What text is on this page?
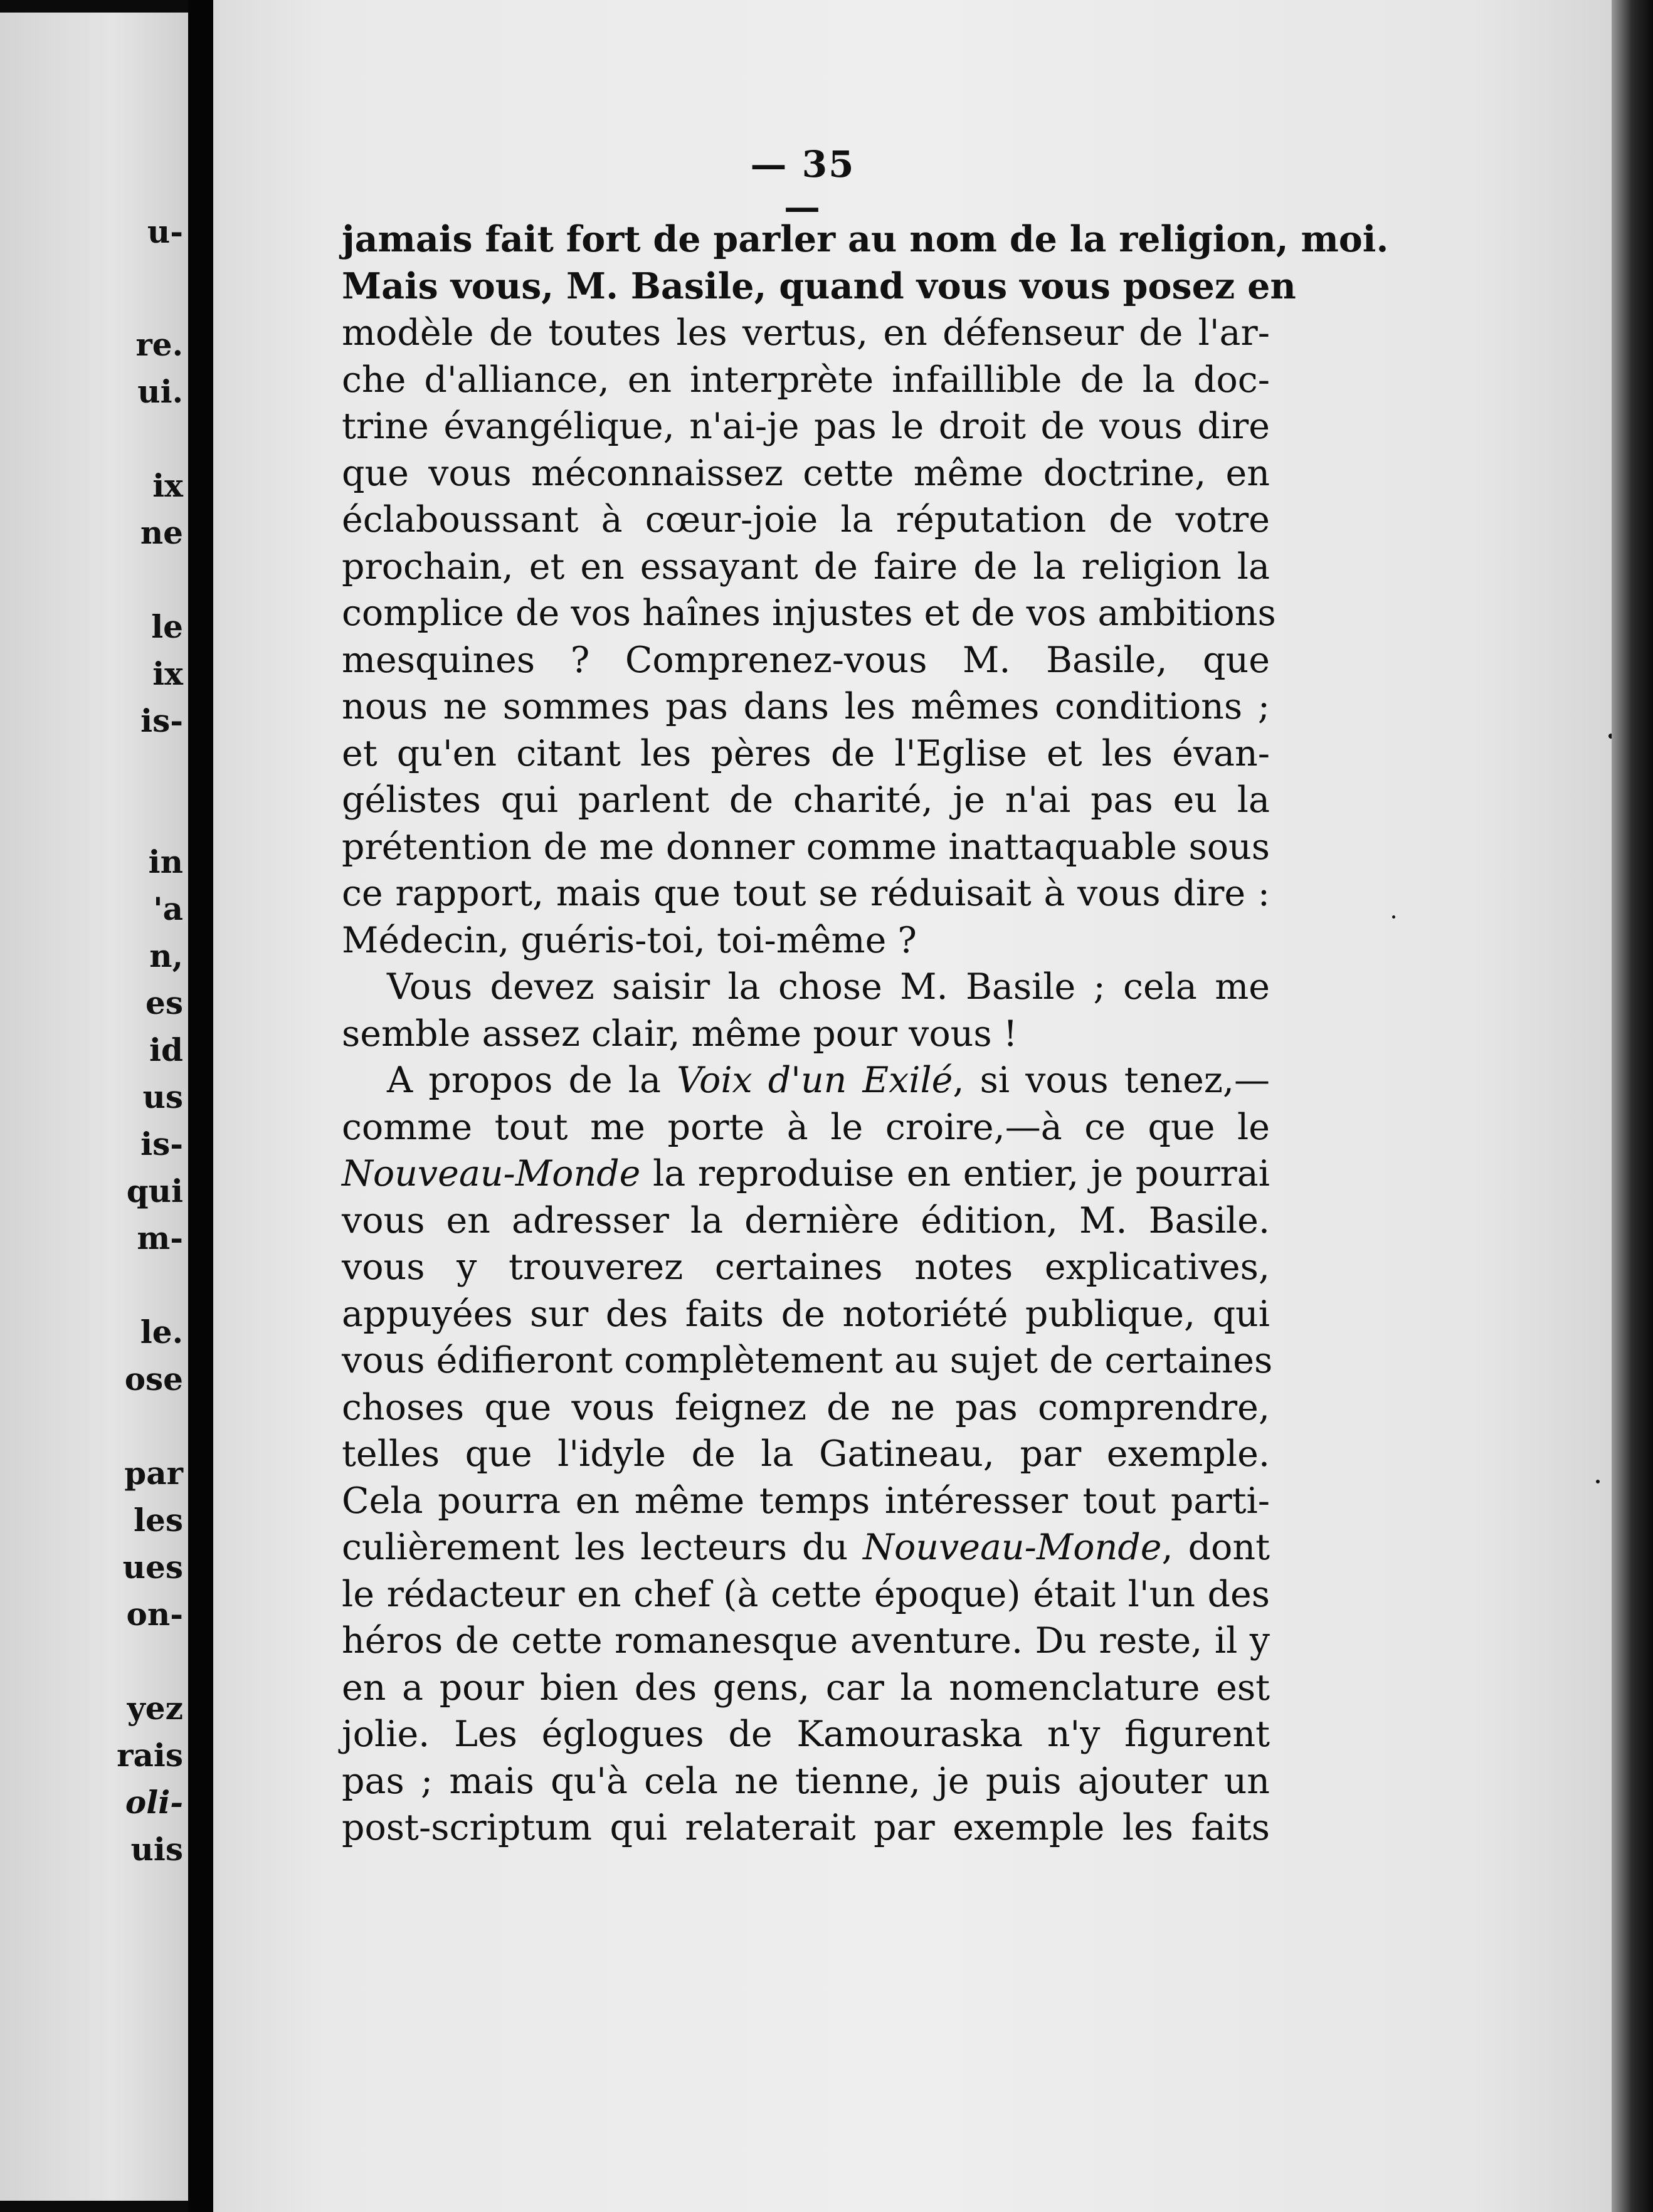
u-
re.
ui.
ix
ne
le
ix
is-
in
'a
n,
es
id
us
is-
qui
m-
le.
ose
par
les
ues
on-
yez
rais
oli-
uis
— 35 —
jamais fait fort de parler au nom de la religion, moi.
Mais vous, M. Basile, quand vous vous posez en
modèle de toutes les vertus, en défenseur de l'ar-
che d'alliance, en interprète infaillible de la doc-
trine évangélique, n'ai-je pas le droit de vous dire
que vous méconnaissez cette même doctrine, en
éclaboussant à cœur-joie la réputation de votre
prochain, et en essayant de faire de la religion la
complice de vos haînes injustes et de vos ambitions
mesquines ? Comprenez-vous M. Basile, que
nous ne sommes pas dans les mêmes conditions ;
et qu'en citant les pères de l'Eglise et les évan-
gélistes qui parlent de charité, je n'ai pas eu la
prétention de me donner comme inattaquable sous
ce rapport, mais que tout se réduisait à vous dire :
Médecin, guéris-toi, toi-même ?
Vous devez saisir la chose M. Basile ; cela me
semble assez clair, même pour vous !
A propos de la Voix d'un Exilé, si vous tenez,—
comme tout me porte à le croire,—à ce que le
Nouveau-Monde la reproduise en entier, je pourrai
vous en adresser la dernière édition, M. Basile.
vous y trouverez certaines notes explicatives,
appuyées sur des faits de notoriété publique, qui
vous édifieront complètement au sujet de certaines
choses que vous feignez de ne pas comprendre,
telles que l'idyle de la Gatineau, par exemple.
Cela pourra en même temps intéresser tout parti-
culièrement les lecteurs du Nouveau-Monde, dont
le rédacteur en chef (à cette époque) était l'un des
héros de cette romanesque aventure. Du reste, il y
en a pour bien des gens, car la nomenclature est
jolie. Les églogues de Kamouraska n'y figurent
pas ; mais qu'à cela ne tienne, je puis ajouter un
post-scriptum qui relaterait par exemple les faits
